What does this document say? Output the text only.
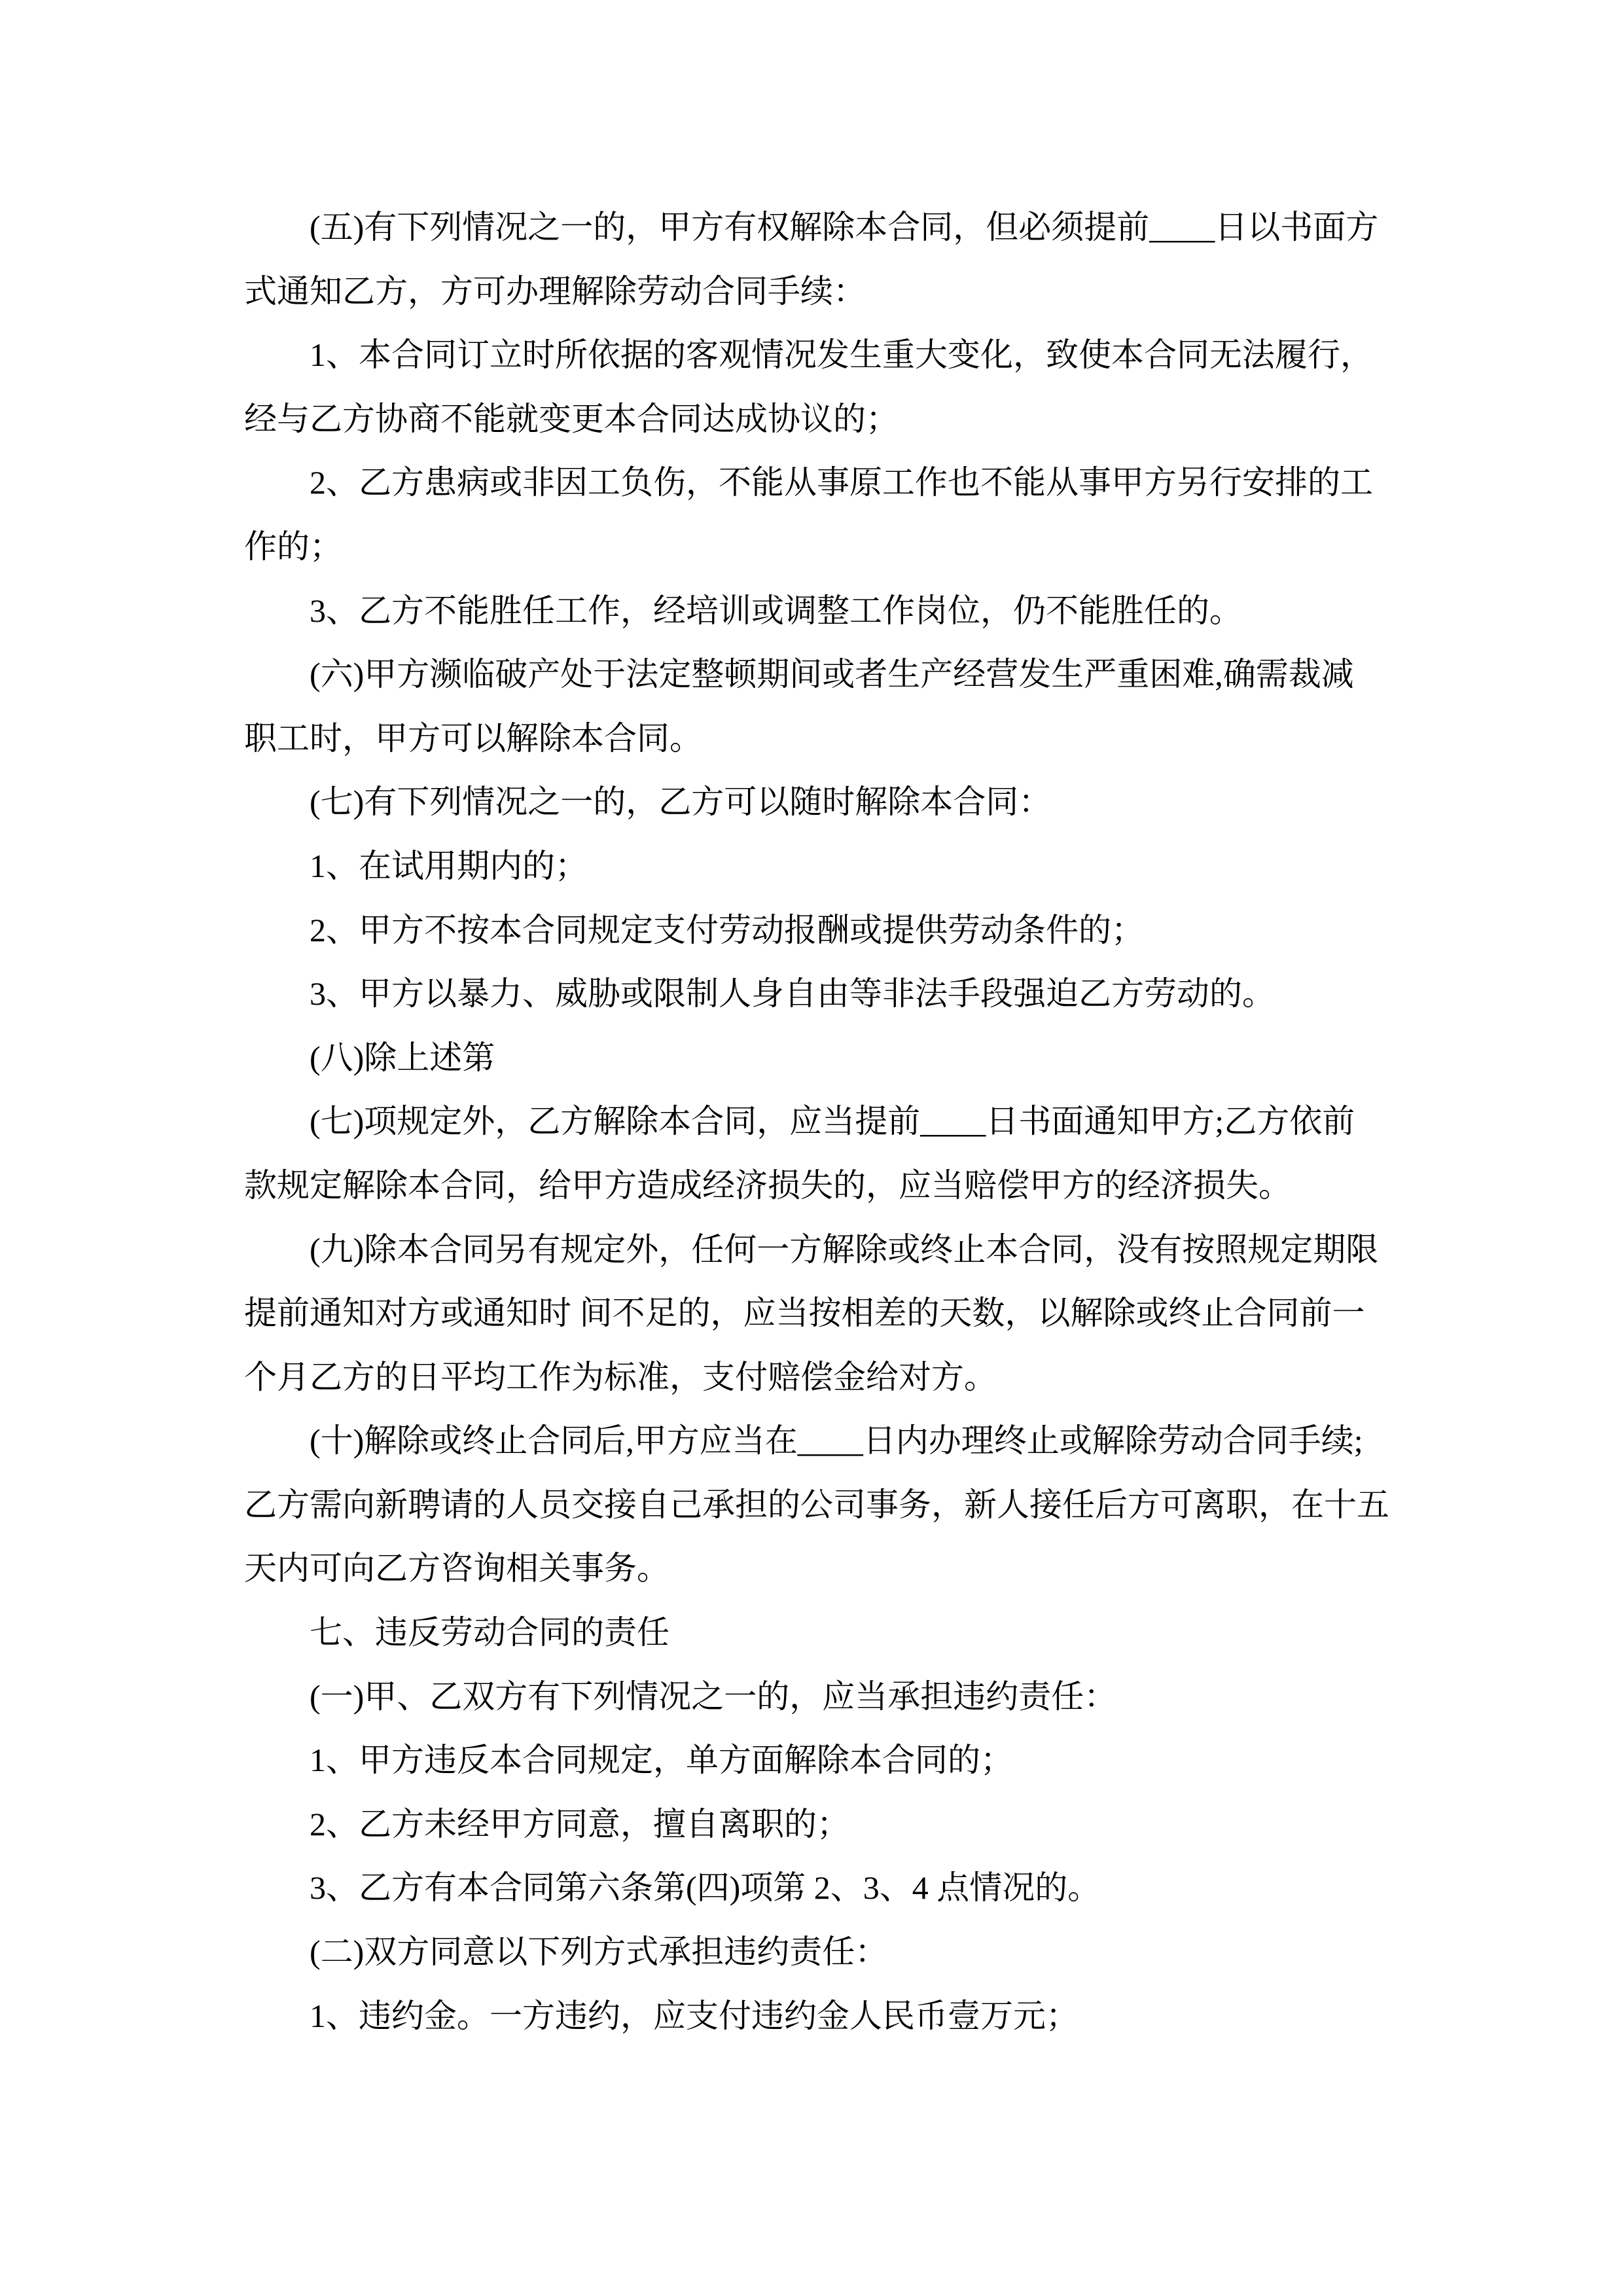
(五)有下列情况之一的，甲方有权解除本合同，但必须提前____日以书面方
式通知乙方，方可办理解除劳动合同手续：
1、本合同订立时所依据的客观情况发生重大变化，致使本合同无法履行，
经与乙方协商不能就变更本合同达成协议的；
2、乙方患病或非因工负伤，不能从事原工作也不能从事甲方另行安排的工
作的；
3、乙方不能胜任工作，经培训或调整工作岗位，仍不能胜任的。
(六)甲方濒临破产处于法定整顿期间或者生产经营发生严重困难,确需裁减
职工时，甲方可以解除本合同。
(七)有下列情况之一的，乙方可以随时解除本合同：
1、在试用期内的；
2、甲方不按本合同规定支付劳动报酬或提供劳动条件的；
3、甲方以暴力、威胁或限制人身自由等非法手段强迫乙方劳动的。
(八)除上述第
(七)项规定外，乙方解除本合同，应当提前____日书面通知甲方;乙方依前
款规定解除本合同，给甲方造成经济损失的，应当赔偿甲方的经济损失。
(九)除本合同另有规定外，任何一方解除或终止本合同，没有按照规定期限
提前通知对方或通知时 间不足的，应当按相差的天数，以解除或终止合同前一
个月乙方的日平均工作为标准，支付赔偿金给对方。
(十)解除或终止合同后,甲方应当在____日内办理终止或解除劳动合同手续;
乙方需向新聘请的人员交接自己承担的公司事务，新人接任后方可离职，在十五
天内可向乙方咨询相关事务。
七、违反劳动合同的责任
(一)甲、乙双方有下列情况之一的，应当承担违约责任：
1、甲方违反本合同规定，单方面解除本合同的；
2、乙方未经甲方同意，擅自离职的；
3、乙方有本合同第六条第(四)项第 2、3、4 点情况的。
(二)双方同意以下列方式承担违约责任：
1、违约金。一方违约，应支付违约金人民币壹万元；
